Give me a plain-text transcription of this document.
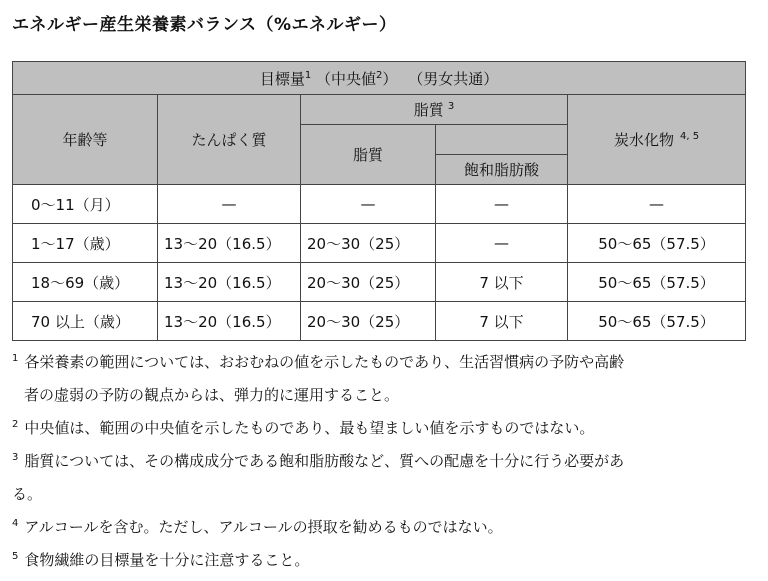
エネルギー産生栄養素バランス（%エネルギー）
目標量$^1$ （中央値$^2$） （男女共通）				
年齢等	たんぱく質	脂質 $^3$		炭水化物 $^{4, 5}$
		脂質		
			飽和脂肪酸	
0～11（月）	—	—	—	—
1～17（歳）	13～20（16.5）	20～30（25）	—	50～65（57.5）
18～69（歳）	13～20（16.5）	20～30（25）	7 以下	50～65（57.5）
70 以上（歳）	13～20（16.5）	20～30（25）	7 以下	50～65（57.5）
$^1$ 各栄養素の範囲については、おおむねの値を示したものであり、生活習慣病の予防や高齢
者の虚弱の予防の観点からは、弾力的に運用すること。
$^2$ 中央値は、範囲の中央値を示したものであり、最も望ましい値を示すものではない。
$^3$ 脂質については、その構成成分である飽和脂肪酸など、質への配慮を十分に行う必要があ
る。
$^4$ アルコールを含む。ただし、アルコールの摂取を勧めるものではない。
$^5$ 食物繊維の目標量を十分に注意すること。
